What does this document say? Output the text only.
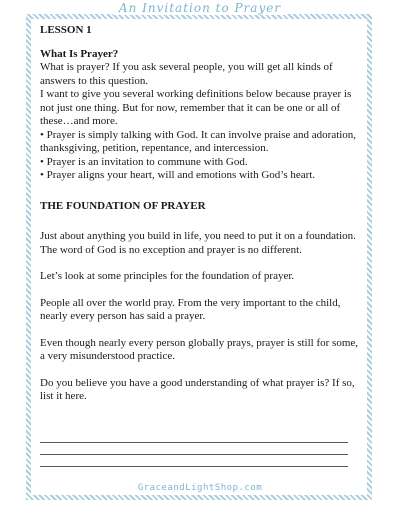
An Invitation to Prayer

LESSON 1

What Is Prayer?

What is prayer? If you ask several people, you will get all kinds of answers to this question.

I want to give you several working definitions below because prayer is not just one thing. But for now, remember that it can be one or all of these…and more.

• Prayer is simply talking with God. It can involve praise and adoration, thanksgiving, petition, repentance, and intercession.

• Prayer is an invitation to commune with God.

• Prayer aligns your heart, will and emotions with God’s heart.

THE FOUNDATION OF PRAYER

Just about anything you build in life, you need to put it on a foundation. The word of God is no exception and prayer is no different.

Let’s look at some principles for the foundation of prayer.

People all over the world pray. From the very important to the child, nearly every person has said a prayer.

Even though nearly every person globally prays, prayer is still for some, a very misunderstood practice.

Do you believe you have a good understanding of what prayer is? If so, list it here.

GraceandLightShop.com
